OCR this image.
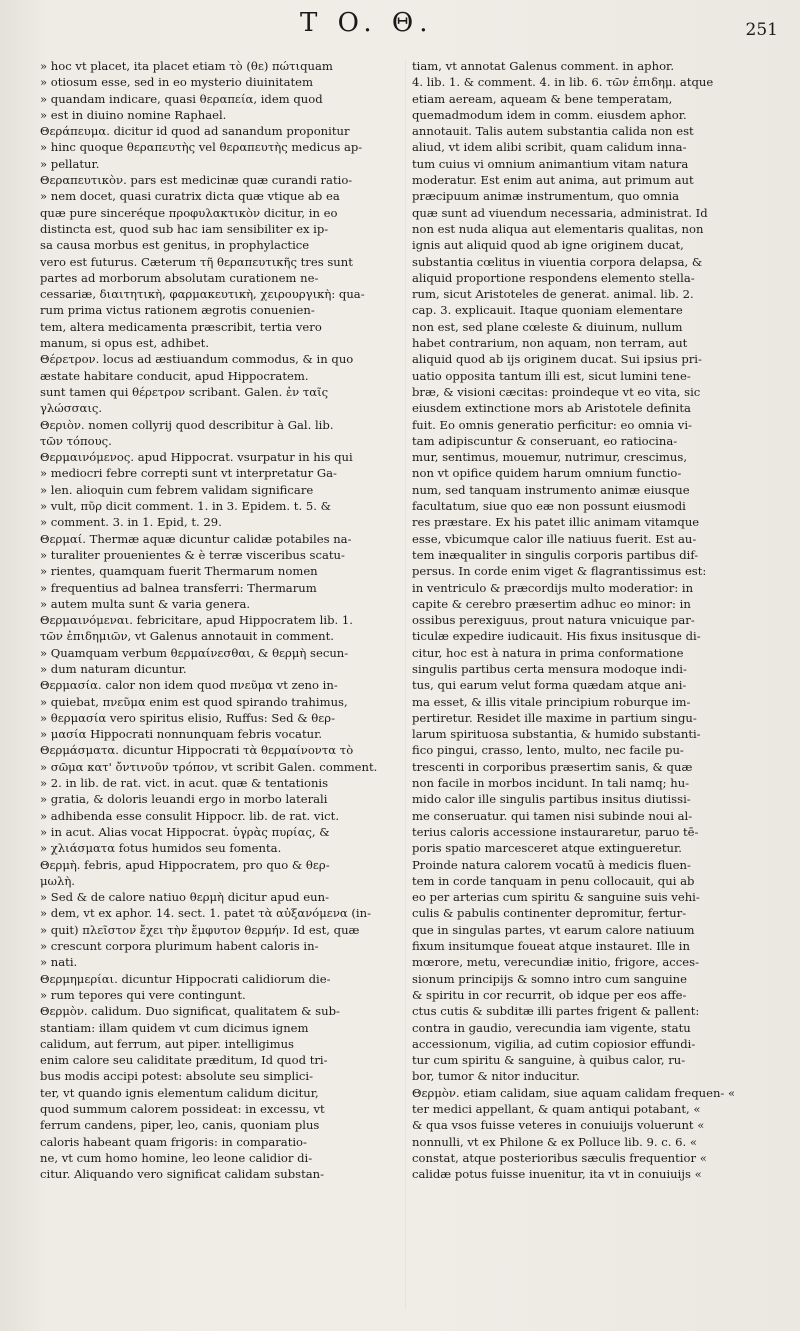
T O. Θ.	251

» hoc vt placet, ita placet etiam τὸ (θε) πώτιquam

» otiosum esse, sed in eo mysterio diuinitatem

» quandam indicare, quasi θεραπεία, idem quod

» est in diuino nomine Raphael.

Θεράπευμα. dicitur id quod ad sanandum proponitur

» hinc quoque θεραπευτὴς vel θεραπευτὴς medicus ap-

» pellatur.

Θεραπευτικὸν. pars est medicinæ quæ curandi ratio-

» nem docet, quasi curatrix dicta quæ vtique ab ea

quæ pure sinceréque προφυλακτικὸν dicitur, in eo

distincta est, quod sub hac iam sensibiliter ex ip-

sa causa morbus est genitus, in prophylactice

vero est futurus. Cæterum τῆ θεραπευτικῆς tres sunt

partes ad morborum absolutam curationem ne-

cessariæ, διαιτητικὴ, φαρμακευτικὴ, χειρουργικὴ: qua-

rum prima victus rationem ægrotis conuenien-

tem, altera medicamenta præscribit, tertia vero

manum, si opus est, adhibet.

Θέρετρον. locus ad æstiuandum commodus, & in quo

æstate habitare conducit, apud Hippocratem.

sunt tamen qui θέρετρον scribant. Galen. ἐν ταῖς

γλώσσαις.

Θεριὸν. nomen collyrij quod describitur à Gal. lib.

τῶν τόπους.

Θερμαινόμενος. apud Hippocrat. vsurpatur in his qui

» mediocri febre correpti sunt vt interpretatur Ga-

» len. alioquin cum febrem validam significare

» vult, πῦρ dicit comment. 1. in 3. Epidem. t. 5. &

» comment. 3. in 1. Epid, t. 29.

Θερμαί. Thermæ aquæ dicuntur calidæ potabiles na-

» turaliter prouenientes & è terræ visceribus scatu-

» rientes, quamquam fuerit Thermarum nomen

» frequentius ad balnea transferri: Thermarum

» autem multa sunt & varia genera.

Θερμαινόμεναι. febricitare, apud Hippocratem lib. 1.

τῶν ἐπιδημιῶν, vt Galenus annotauit in comment.

» Quamquam verbum θερμαίνεσθαι, & θερμὴ secun-

» dum naturam dicuntur.

Θερμασία. calor non idem quod πνεῦμα vt zeno in-

» quiebat, πνεῦμα enim est quod spirando trahimus,

» θερμασία vero spiritus elisio, Ruffus: Sed & θερ-

» μασία Hippocrati nonnunquam febris vocatur.

Θερμάσματα. dicuntur Hippocrati τὰ θερμαίνοντα τὸ

» σῶμα κατ' ὄντινοῦν τρόπον, vt scribit Galen. comment.

» 2. in lib. de rat. vict. in acut. quæ & tentationis

» gratia, & doloris leuandi ergo in morbo laterali

» adhibenda esse consulit Hippocr. lib. de rat. vict.

» in acut. Alias vocat Hippocrat. ὑγρὰς πυρίας, &

» χλιάσματα fotus humidos seu fomenta.

Θερμὴ. febris, apud Hippocratem, pro quo & θερ-

μωλὴ.

» Sed & de calore natiuo θερμὴ dicitur apud eun-

» dem, vt ex aphor. 14. sect. 1. patet τὰ αὐξανόμενα (in-

» quit) πλεῖστον ἔχει τὴν ἔμφυτον θερμήν. Id est, quæ

» crescunt corpora plurimum habent caloris in-

» nati.

Θερμημερίαι. dicuntur Hippocrati calidiorum die-

» rum tepores qui vere contingunt.

Θερμὸν. calidum. Duo significat, qualitatem & sub-

stantiam: illam quidem vt cum dicimus ignem

calidum, aut ferrum, aut piper. intelligimus

enim calore seu caliditate præditum, Id quod tri-

bus modis accipi potest: absolute seu simplici-

ter, vt quando ignis elementum calidum dicitur,

quod summum calorem possideat: in excessu, vt

ferrum candens, piper, leo, canis, quoniam plus

caloris habeant quam frigoris: in comparatio-

ne, vt cum homo homine, leo leone calidior di-

citur. Aliquando vero significat calidam substan-

tiam, vt annotat Galenus comment. in aphor.

4. lib. 1. & comment. 4. in lib. 6. τῶν ἐπιδημ. atque

etiam aeream, aqueam & bene temperatam,

quemadmodum idem in comm. eiusdem aphor.

annotauit. Talis autem substantia calida non est

aliud, vt idem alibi scribit, quam calidum inna-

tum cuius vi omnium animantium vitam natura

moderatur. Est enim aut anima, aut primum aut

præcipuum animæ instrumentum, quo omnia

quæ sunt ad viuendum necessaria, administrat. Id

non est nuda aliqua aut elementaris qualitas, non

ignis aut aliquid quod ab igne originem ducat,

substantia cœlitus in viuentia corpora delapsa, &

aliquid proportione respondens elemento stella-

rum, sicut Aristoteles de generat. animal. lib. 2.

cap. 3. explicauit. Itaque quoniam elementare

non est, sed plane cœleste & diuinum, nullum

habet contrarium, non aquam, non terram, aut

aliquid quod ab ijs originem ducat. Sui ipsius pri-

uatio opposita tantum illi est, sicut lumini tene-

bræ, & visioni cæcitas: proindeque vt eo vita, sic

eiusdem extinctione mors ab Aristotele definita

fuit. Eo omnis generatio perficitur: eo omnia vi-

tam adipiscuntur & conseruant, eo ratiocina-

mur, sentimus, mouemur, nutrimur, crescimus,

non vt opifice quidem harum omnium functio-

num, sed tanquam instrumento animæ eiusque

facultatum, siue quo eæ non possunt eiusmodi

res præstare. Ex his patet illic animam vitamque

esse, vbicumque calor ille natiuus fuerit. Est au-

tem inæqualiter in singulis corporis partibus dif-

persus. In corde enim viget & flagrantissimus est:

in ventriculo & præcordijs multo moderatior: in

capite & cerebro præsertim adhuc eo minor: in

ossibus perexiguus, prout natura vnicuique par-

ticulæ expedire iudicauit. His fixus insitusque di-

citur, hoc est à natura in prima conformatione

singulis partibus certa mensura modoque indi-

tus, qui earum velut forma quædam atque ani-

ma esset, & illis vitale principium roburque im-

pertiretur. Residet ille maxime in partium singu-

larum spirituosa substantia, & humido substanti-

fico pingui, crasso, lento, multo, nec facile pu-

trescenti in corporibus præsertim sanis, & quæ

non facile in morbos incidunt. In tali namq; hu-

mido calor ille singulis partibus insitus diutissi-

me conseruatur. qui tamen nisi subinde noui al-

terius caloris accessione instauraretur, paruo tē-

poris spatio marcesceret atque extingueretur.

Proinde natura calorem vocatū à medicis fluen-

tem in corde tanquam in penu collocauit, qui ab

eo per arterias cum spiritu & sanguine suis vehi-

culis & pabulis continenter depromitur, fertur-

que in singulas partes, vt earum calore natiuum

fixum insitumque foueat atque instauret. Ille in

mœrore, metu, verecundiæ initio, frigore, acces-

sionum principijs & somno intro cum sanguine

& spiritu in cor recurrit, ob idque per eos affe-

ctus cutis & subditæ illi partes frigent & pallent:

contra in gaudio, verecundia iam vigente, statu

accessionum, vigilia, ad cutim copiosior effundi-

tur cum spiritu & sanguine, à quibus calor, ru-

bor, tumor & nitor inducitur.

Θερμὸν. etiam calidam, siue aquam calidam frequen- «

ter medici appellant, & quam antiqui potabant, «

& qua vsos fuisse veteres in conuiuijs voluerunt «

nonnulli, vt ex Philone & ex Polluce lib. 9. c. 6. «

constat, atque posterioribus sæculis frequentior «

calidæ potus fuisse inuenitur, ita vt in conuiuijs «
